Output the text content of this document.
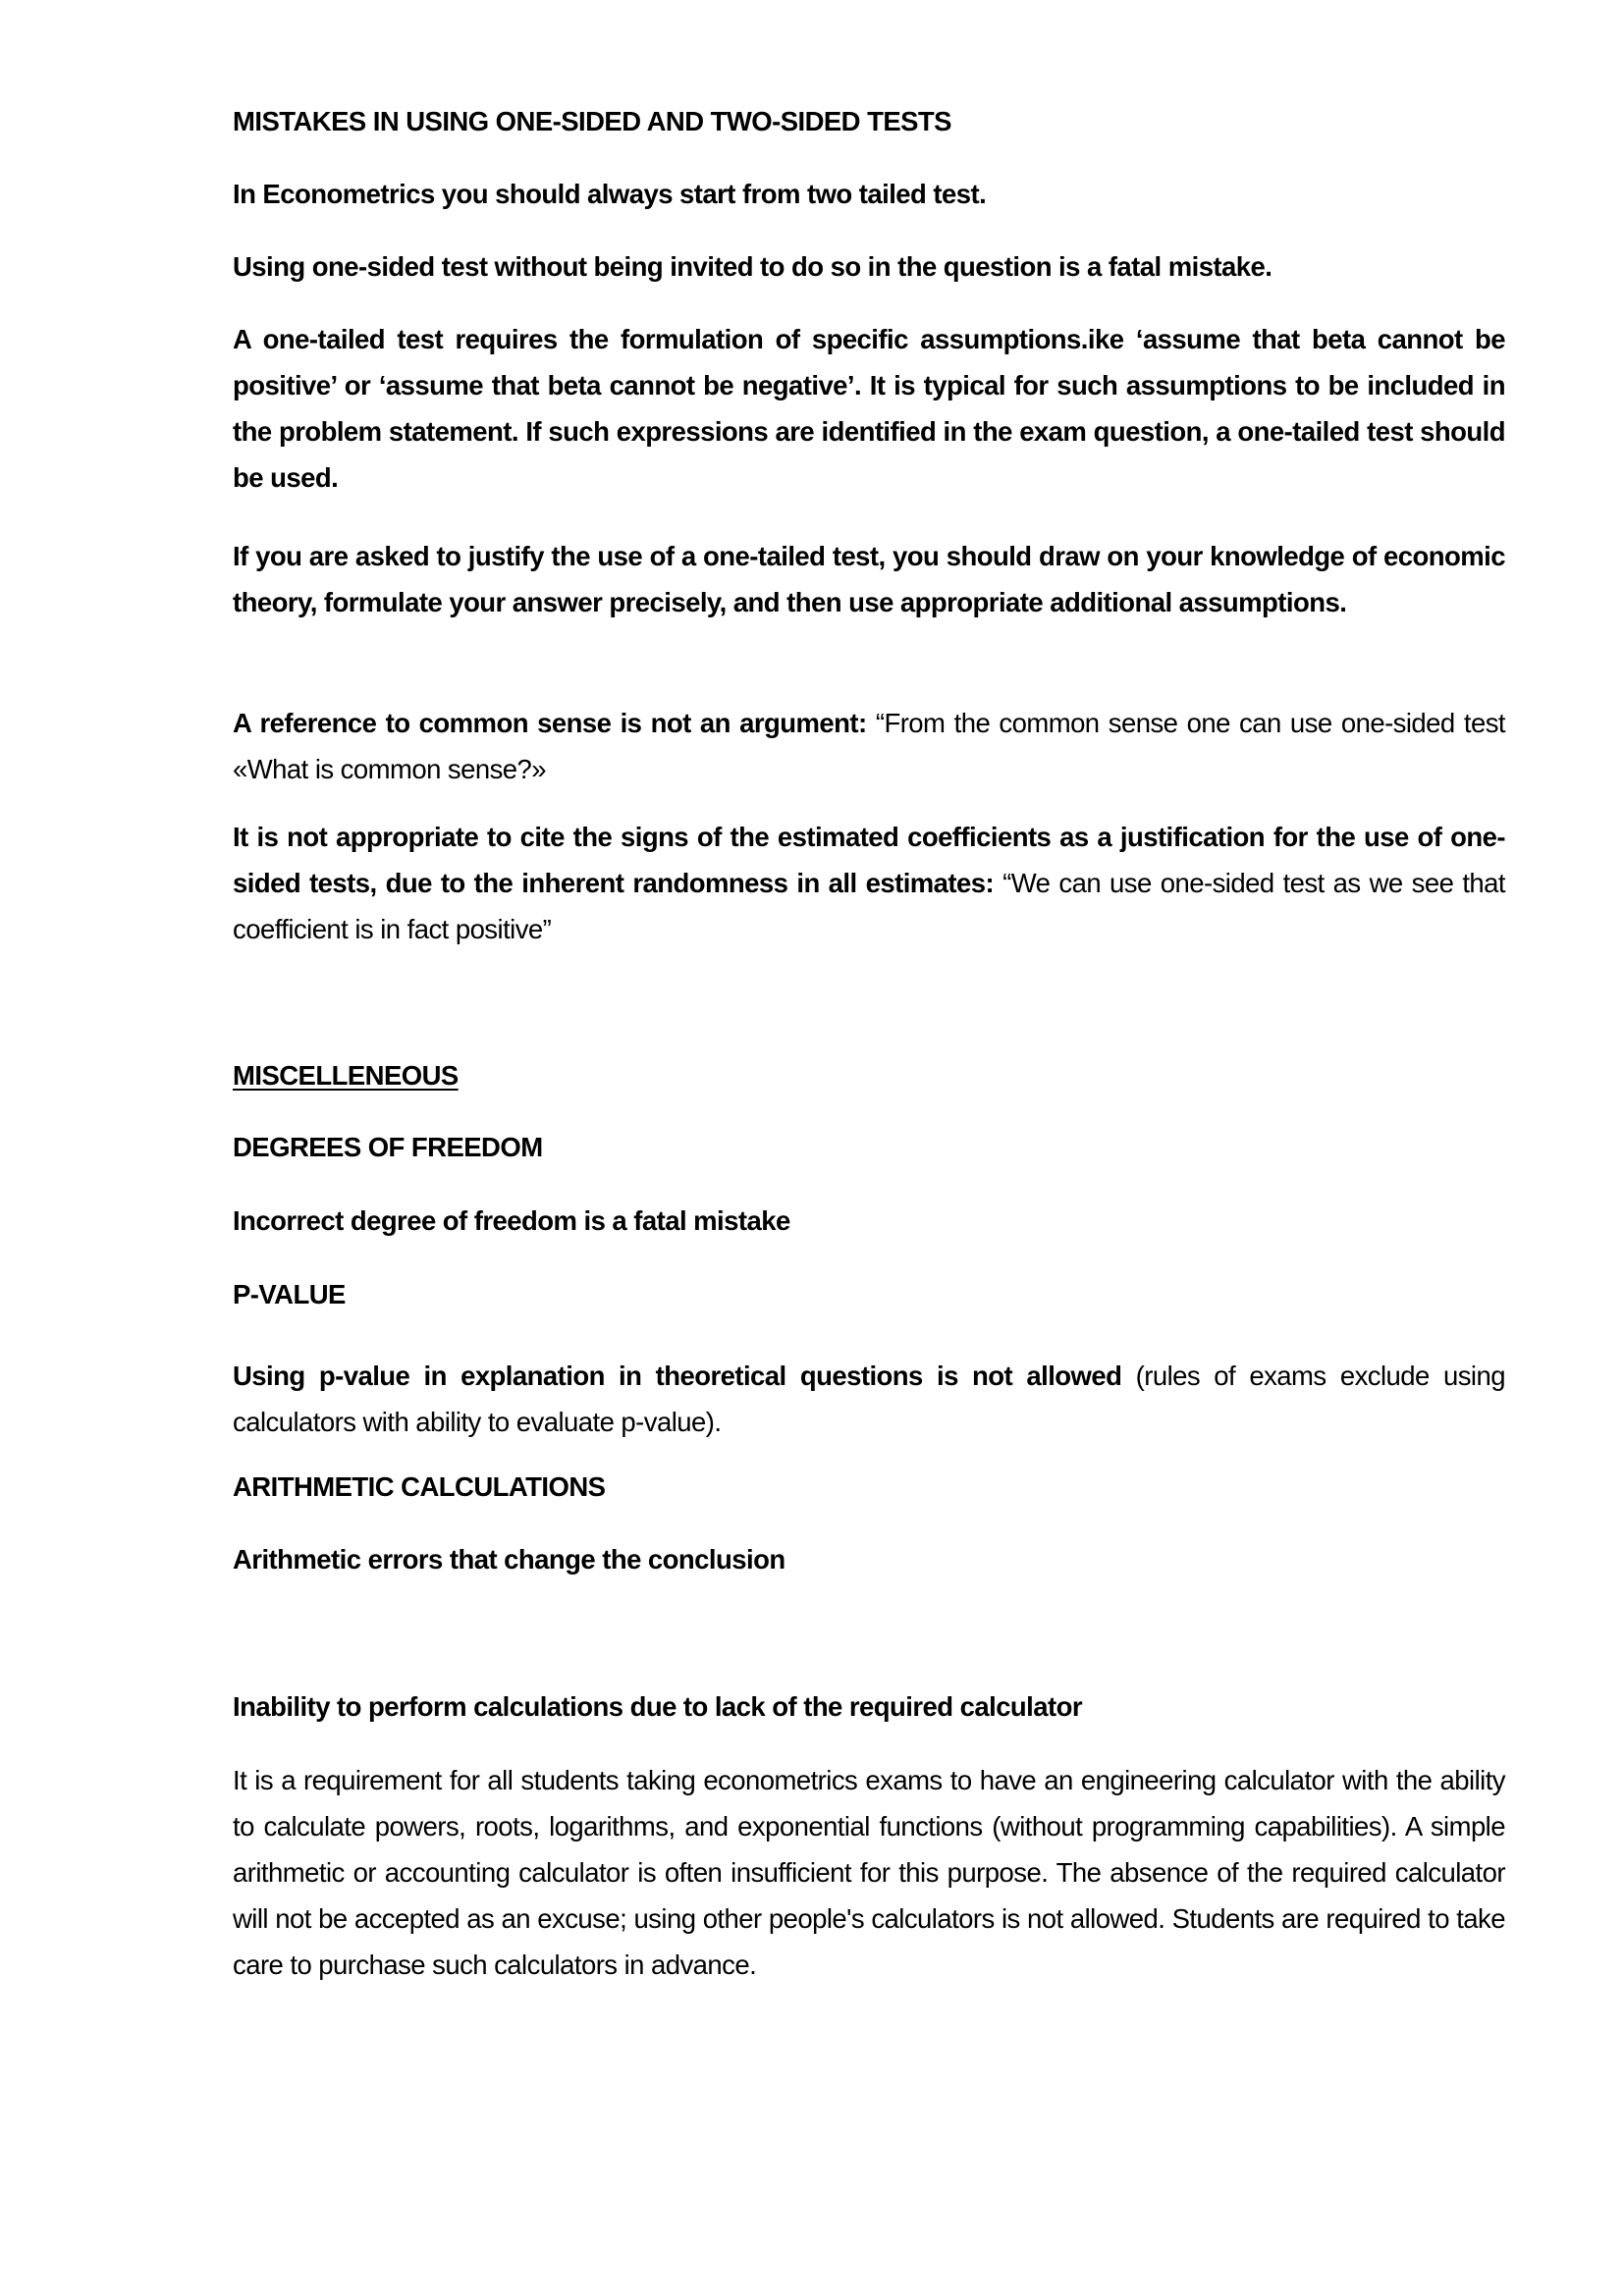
MISTAKES IN USING ONE-SIDED AND TWO-SIDED TESTS

In Econometrics you should always start from two tailed test.

Using one-sided test without being invited to do so in the question is a fatal mistake.

A one-tailed test requires the formulation of specific assumptions.ike ‘assume that beta cannot be positive’ or ‘assume that beta cannot be negative’. It is typical for such assumptions to be included in the problem statement. If such expressions are identified in the exam question, a one-tailed test should be used.

If you are asked to justify the use of a one-tailed test, you should draw on your knowledge of economic theory, formulate your answer precisely, and then use appropriate additional assumptions.

A reference to common sense is not an argument: “From the common sense one can use one-sided test «What is common sense?»

It is not appropriate to cite the signs of the estimated coefficients as a justification for the use of one-sided tests, due to the inherent randomness in all estimates: “We can use one-sided test as we see that coefficient is in fact positive”

MISCELLENEOUS

DEGREES OF FREEDOM

Incorrect degree of freedom is a fatal mistake

P-VALUE

Using p-value in explanation in theoretical questions is not allowed (rules of exams exclude using calculators with ability to evaluate p-value).

ARITHMETIC CALCULATIONS

Arithmetic errors that change the conclusion

Inability to perform calculations due to lack of the required calculator

It is a requirement for all students taking econometrics exams to have an engineering calculator with the ability to calculate powers, roots, logarithms, and exponential functions (without programming capabilities). A simple arithmetic or accounting calculator is often insufficient for this purpose. The absence of the required calculator will not be accepted as an excuse; using other people's calculators is not allowed. Students are required to take care to purchase such calculators in advance.
